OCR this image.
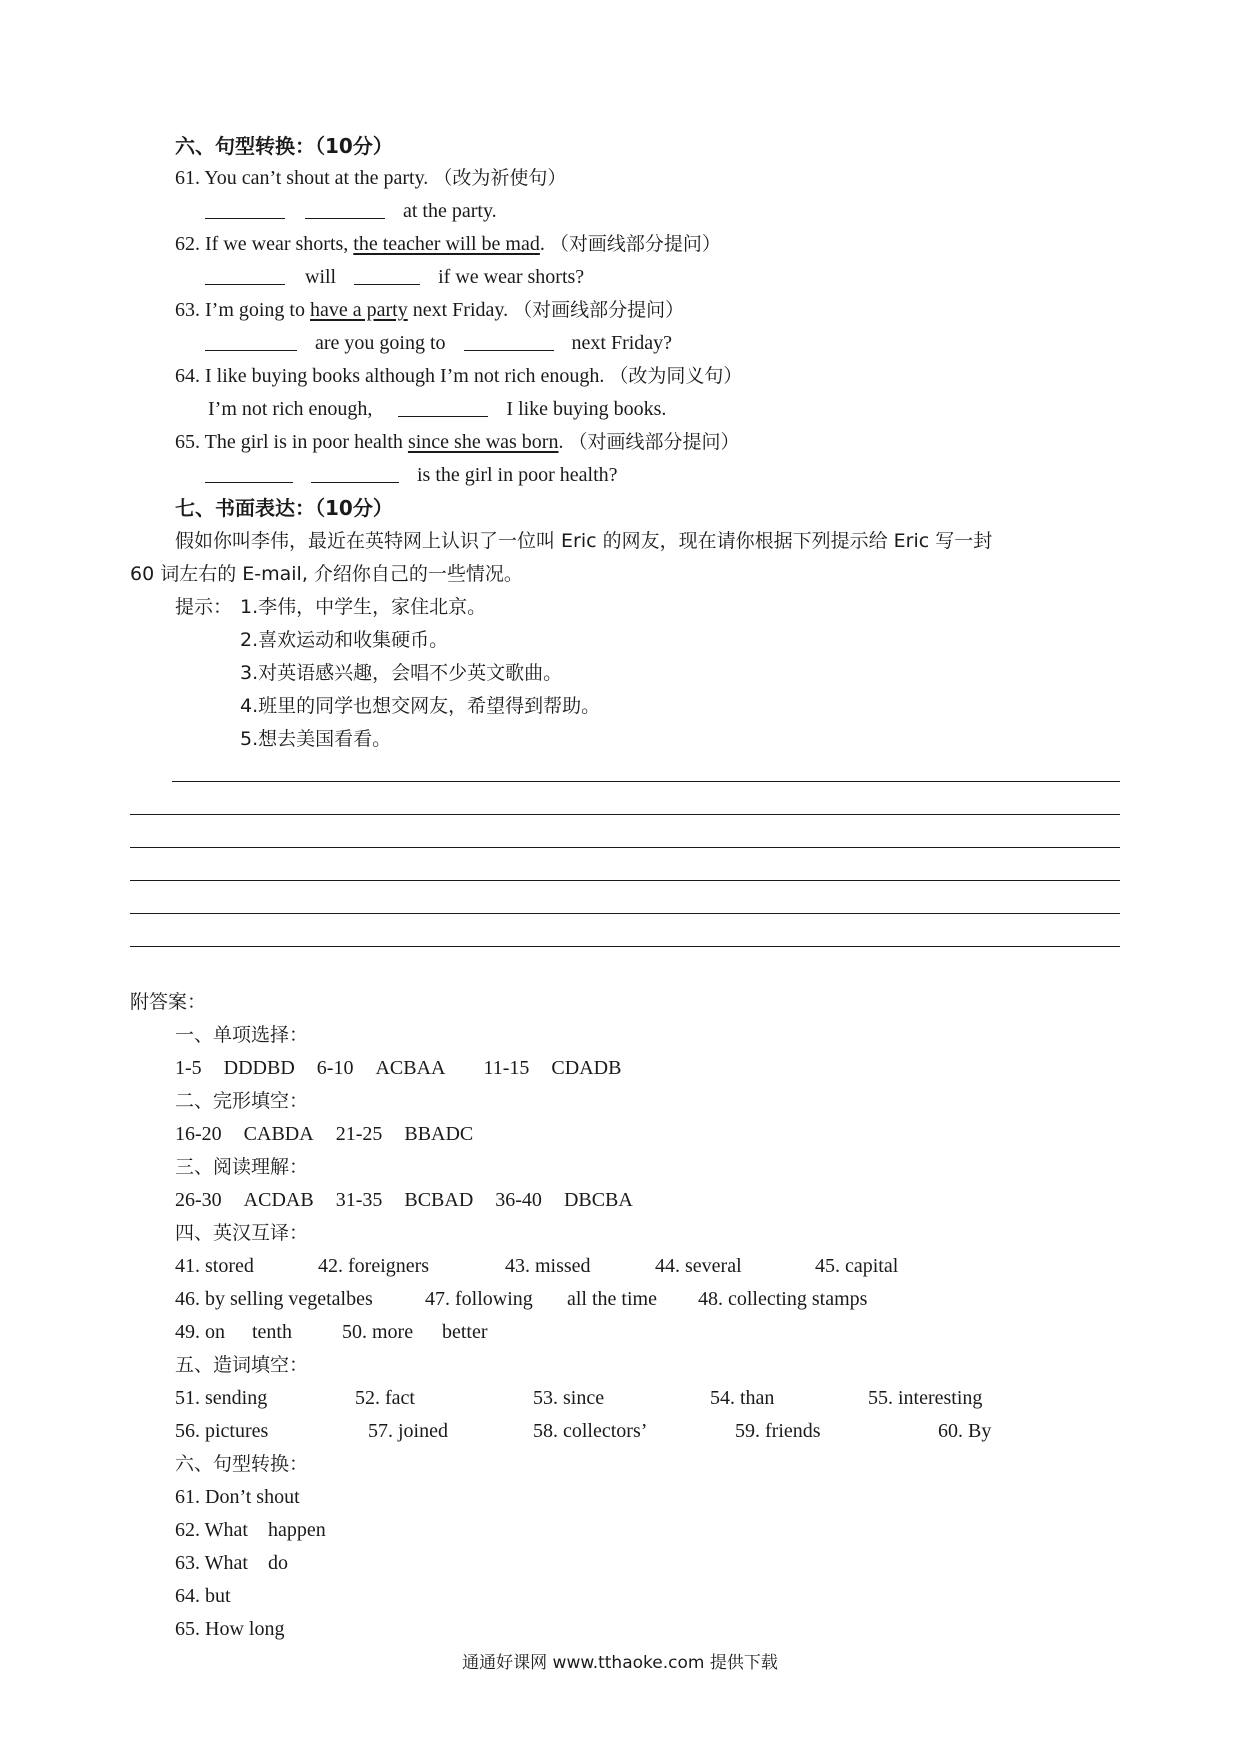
六、句型转换：（10分）
61. You can’t shout at the party. （改为祈使句）
at the party.
62. If we wear shorts, the teacher will be mad. （对画线部分提问）
will	if we wear shorts?
63. I’m going to have a party next Friday. （对画线部分提问）
are you going to	next Friday?
64. I like buying books although I’m not rich enough. （改为同义句）
I’m not rich enough,	I like buying books.
65. The girl is in poor health since she was born. （对画线部分提问）
is the girl in poor health?
七、书面表达：（10分）
假如你叫李伟，最近在英特网上认识了一位叫 Eric 的网友，现在请你根据下列提示给 Eric 写一封
60 词左右的 E-mail, 介绍你自己的一些情况。
提示： 1.李伟，中学生，家住北京。
2.喜欢运动和收集硬币。
3.对英语感兴趣，会唱不少英文歌曲。
4.班里的同学也想交网友，希望得到帮助。
5.想去美国看看。
附答案：
一、单项选择：
1-5 DDDBD 6-10 ACBAA 11-15 CDADB
二、完形填空：
16-20 CABDA 21-25 BBADC
三、阅读理解：
26-30 ACDAB 31-35 BCBAD 36-40 DBCBA
四、英汉互译：
41. stored	42. foreigners	43. missed	44. several	45. capital
46. by selling vegetalbes	47. following all the time 48. collecting stamps
49. on tenth	50. more better
五、造词填空：
51. sending	52. fact	53. since	54. than	55. interesting
56. pictures	57. joined	58. collectors’	59. friends	60. By
六、句型转换：
61. Don’t shout
62. What happen
63. What do
64. but
65. How long
通通好课网 www.tthaoke.com 提供下载
